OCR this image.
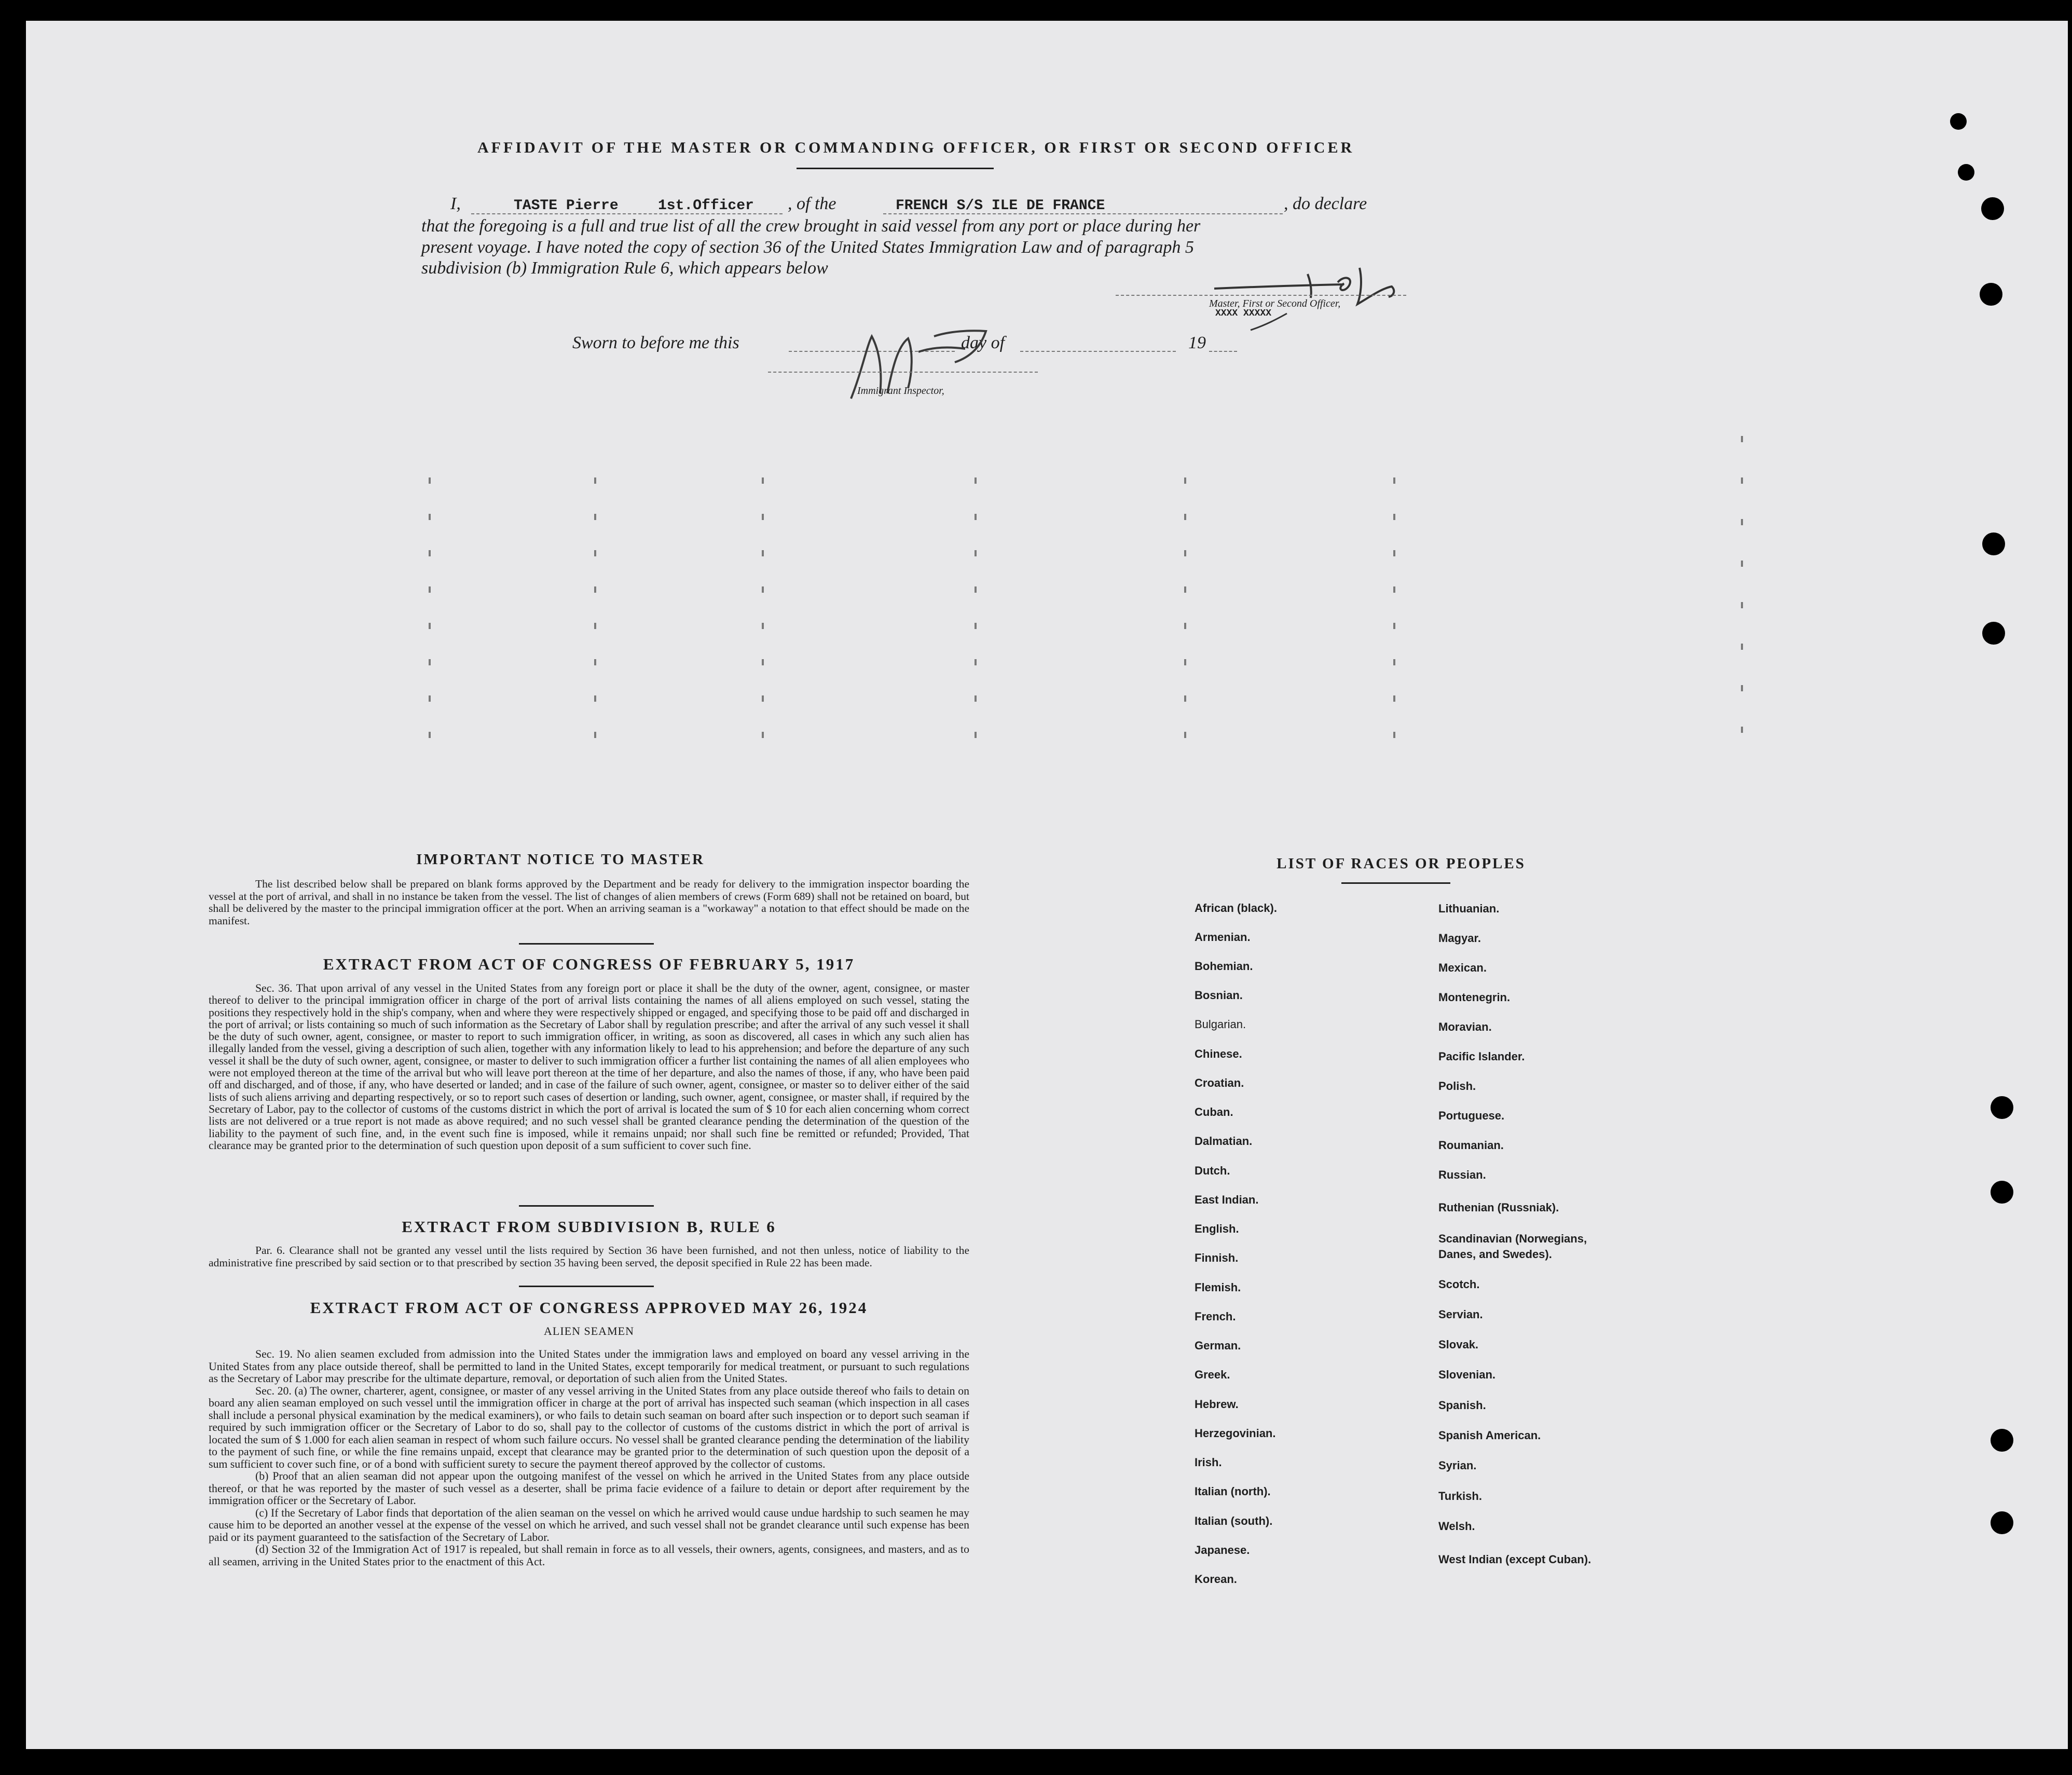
AFFIDAVIT OF THE MASTER OR COMMANDING OFFICER, OR FIRST OR SECOND OFFICER
I,	TASTE Pierre	1st.Officer , of the	FRENCH S/S ILE DE FRANCE	, do declare
that the foregoing is a full and true list of all the crew brought in said vessel from any port or place during her
present voyage. I have noted the copy of section 36 of the United States Immigration Law and of paragraph 5
subdivision (b) Immigration Rule 6, which appears below
Master, First or Second Officer,
XXXX XXXXX
Sworn to before me this	day of	19
Immigrant Inspector,
IMPORTANT NOTICE TO MASTER
The list described below shall be prepared on blank forms approved by the Department and be ready for delivery to the immigration inspector boarding the vessel at the port of arrival, and shall in no instance be taken from the vessel. The list of changes of alien members of crews (Form 689) shall not be retained on board, but shall be delivered by the master to the principal immigration officer at the port. When an arriving seaman is a "workaway" a notation to that effect should be made on the manifest.
EXTRACT FROM ACT OF CONGRESS OF FEBRUARY 5, 1917
Sec. 36. That upon arrival of any vessel in the United States from any foreign port or place it shall be the duty of the owner, agent, consignee, or master thereof to deliver to the principal immigration officer in charge of the port of arrival lists containing the names of all aliens employed on such vessel, stating the positions they respectively hold in the ship's company, when and where they were respectively shipped or engaged, and specifying those to be paid off and discharged in the port of arrival; or lists containing so much of such information as the Secretary of Labor shall by regulation prescribe; and after the arrival of any such vessel it shall be the duty of such owner, agent, consignee, or master to report to such immigration officer, in writing, as soon as discovered, all cases in which any such alien has illegally landed from the vessel, giving a description of such alien, together with any information likely to lead to his apprehension; and before the departure of any such vessel it shall be the duty of such owner, agent, consignee, or master to deliver to such immigration officer a further list containing the names of all alien employees who were not employed thereon at the time of the arrival but who will leave port thereon at the time of her departure, and also the names of those, if any, who have been paid off and discharged, and of those, if any, who have deserted or landed; and in case of the failure of such owner, agent, consignee, or master so to deliver either of the said lists of such aliens arriving and departing respectively, or so to report such cases of desertion or landing, such owner, agent, consignee, or master shall, if required by the Secretary of Labor, pay to the collector of customs of the customs district in which the port of arrival is located the sum of $ 10 for each alien concerning whom correct lists are not delivered or a true report is not made as above required; and no such vessel shall be granted clearance pending the determination of the question of the liability to the payment of such fine, and, in the event such fine is imposed, while it remains unpaid; nor shall such fine be remitted or refunded; Provided, That clearance may be granted prior to the determination of such question upon deposit of a sum sufficient to cover such fine.
EXTRACT FROM SUBDIVISION B, RULE 6
Par. 6. Clearance shall not be granted any vessel until the lists required by Section 36 have been furnished, and not then unless, notice of liability to the administrative fine prescribed by said section or to that prescribed by section 35 having been served, the deposit specified in Rule 22 has been made.
EXTRACT FROM ACT OF CONGRESS APPROVED MAY 26, 1924
ALIEN SEAMEN
Sec. 19. No alien seamen excluded from admission into the United States under the immigration laws and employed on board any vessel arriving in the United States from any place outside thereof, shall be permitted to land in the United States, except temporarily for medical treatment, or pursuant to such regulations as the Secretary of Labor may prescribe for the ultimate departure, removal, or deportation of such alien from the United States.
Sec. 20. (a) The owner, charterer, agent, consignee, or master of any vessel arriving in the United States from any place outside thereof who fails to detain on board any alien seaman employed on such vessel until the immigration officer in charge at the port of arrival has inspected such seaman (which inspection in all cases shall include a personal physical examination by the medical examiners), or who fails to detain such seaman on board after such inspection or to deport such seaman if required by such immigration officer or the Secretary of Labor to do so, shall pay to the collector of customs of the customs district in which the port of arrival is located the sum of $ 1.000 for each alien seaman in respect of whom such failure occurs. No vessel shall be granted clearance pending the determination of the liability to the payment of such fine, or while the fine remains unpaid, except that clearance may be granted prior to the determination of such question upon the deposit of a sum sufficient to cover such fine, or of a bond with sufficient surety to secure the payment thereof approved by the collector of customs.
(b) Proof that an alien seaman did not appear upon the outgoing manifest of the vessel on which he arrived in the United States from any place outside thereof, or that he was reported by the master of such vessel as a deserter, shall be prima facie evidence of a failure to detain or deport after requirement by the immigration officer or the Secretary of Labor.
(c) If the Secretary of Labor finds that deportation of the alien seaman on the vessel on which he arrived would cause undue hardship to such seamen he may cause him to be deported an another vessel at the expense of the vessel on which he arrived, and such vessel shall not be grandet clearance until such expense has been paid or its payment guaranteed to the satisfaction of the Secretary of Labor.
(d) Section 32 of the Immigration Act of 1917 is repealed, but shall remain in force as to all vessels, their owners, agents, consignees, and masters, and as to all seamen, arriving in the United States prior to the enactment of this Act.
LIST OF RACES OR PEOPLES
African (black).
Armenian.
Bohemian.
Bosnian.
Bulgarian.
Chinese.
Croatian.
Cuban.
Dalmatian.
Dutch.
East Indian.
English.
Finnish.
Flemish.
French.
German.
Greek.
Hebrew.
Herzegovinian.
Irish.
Italian (north).
Italian (south).
Japanese.
Korean.
Lithuanian.
Magyar.
Mexican.
Montenegrin.
Moravian.
Pacific Islander.
Polish.
Portuguese.
Roumanian.
Russian.
Ruthenian (Russniak).
Scandinavian (Norwegians, Danes, and Swedes).
Scotch.
Servian.
Slovak.
Slovenian.
Spanish.
Spanish American.
Syrian.
Turkish.
Welsh.
West Indian (except Cuban).
